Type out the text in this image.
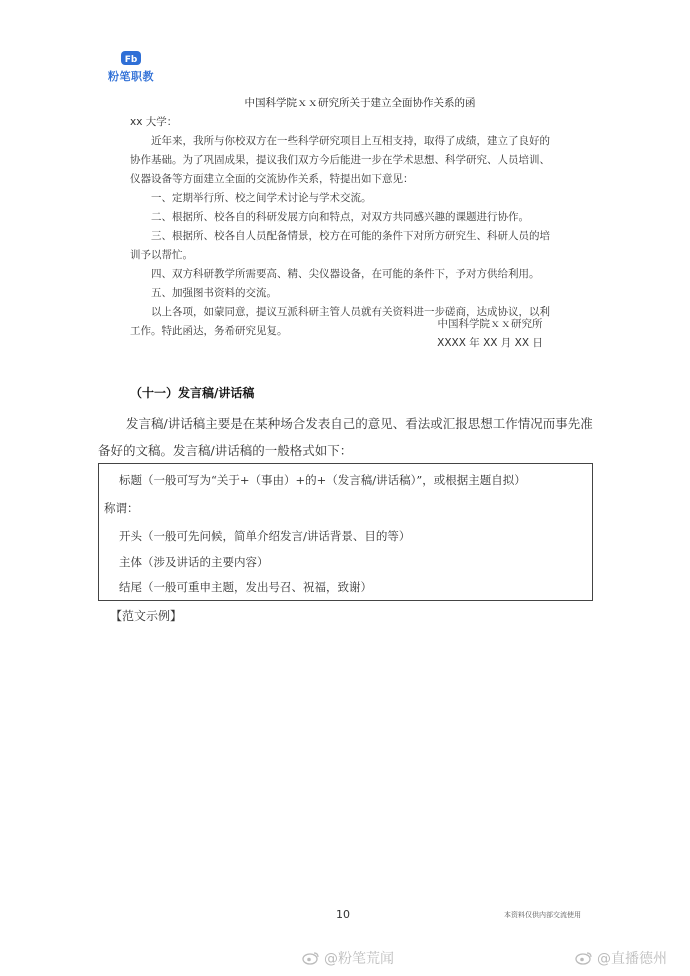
Fb
粉笔职教
中国科学院ｘｘ研究所关于建立全面协作关系的函
xx 大学：

近年来，我所与你校双方在一些科学研究项目上互相支持，取得了成绩，建立了良好的

协作基础。为了巩固成果，提议我们双方今后能进一步在学术思想、科学研究、人员培训、

仪器设备等方面建立全面的交流协作关系，特提出如下意见：

一、定期举行所、校之间学术讨论与学术交流。

二、根据所、校各自的科研发展方向和特点，对双方共同感兴趣的课题进行协作。

三、根据所、校各自人员配备情景，校方在可能的条件下对所方研究生、科研人员的培

训予以帮忙。

四、双方科研教学所需要高、精、尖仪器设备，在可能的条件下，予对方供给利用。

五、加强图书资料的交流。

以上各项，如蒙同意，提议互派科研主管人员就有关资料进一步磋商，达成协议，以利

工作。特此函达，务希研究见复。

中国科学院ｘｘ研究所
XXXX 年 XX 月 XX 日
（十一）发言稿/讲话稿
发言稿/讲话稿主要是在某种场合发表自己的意见、看法或汇报思想工作情况而事先准备好的文稿。发言稿/讲话稿的一般格式如下：
标题（一般可写为“关于+（事由）+的+（发言稿/讲话稿）”，或根据主题自拟）
称谓：
开头（一般可先问候，简单介绍发言/讲话背景、目的等）
主体（涉及讲话的主要内容）
结尾（一般可重申主题，发出号召、祝福，致谢）
【范文示例】
10	本资料仅供内部交流使用
@粉笔荒闻	@直播德州
